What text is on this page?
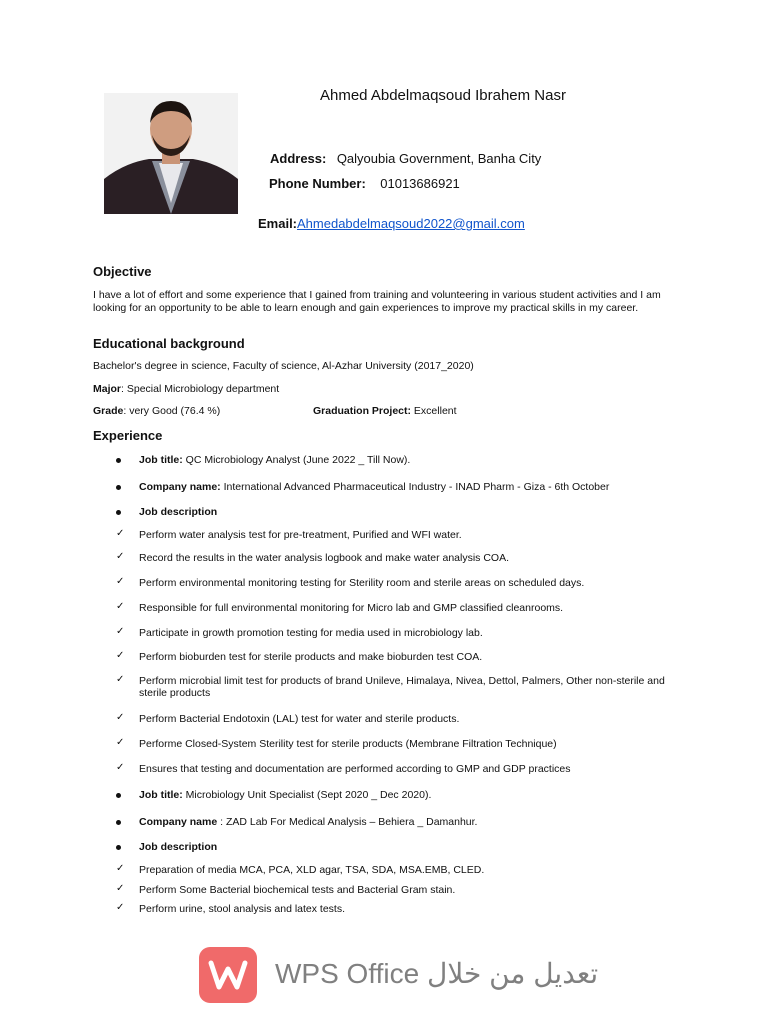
Ahmed Abdelmaqsoud Ibrahem Nasr
Address: Qalyoubia Government, Banha City
Phone Number: 01013686921
Email:Ahmedabdelmaqsoud2022@gmail.com
Objective
I have a lot of effort and some experience that I gained from training and volunteering in various student activities and I am looking for an opportunity to be able to learn enough and gain experiences to improve my practical skills in my career.
Educational background
Bachelor's degree in science, Faculty of science, Al-Azhar University (2017_2020)
Major: Special Microbiology department
Grade: very Good (76.4 %)	Graduation Project: Excellent
Experience
Job title: QC Microbiology Analyst (June 2022 _ Till Now).
Company name: International Advanced Pharmaceutical Industry - INAD Pharm - Giza - 6th October
Job description
✓ Perform water analysis test for pre-treatment, Purified and WFI water.
✓ Record the results in the water analysis logbook and make water analysis COA.
✓ Perform environmental monitoring testing for Sterility room and sterile areas on scheduled days.
✓ Responsible for full environmental monitoring for Micro lab and GMP classified cleanrooms.
✓ Participate in growth promotion testing for media used in microbiology lab.
✓ Perform bioburden test for sterile products and make bioburden test COA.
✓ Perform microbial limit test for products of brand Unileve, Himalaya, Nivea, Dettol, Palmers, Other non-sterile and sterile products
✓ Perform Bacterial Endotoxin (LAL) test for water and sterile products.
✓ Performe Closed-System Sterility test for sterile products (Membrane Filtration Technique)
✓ Ensures that testing and documentation are performed according to GMP and GDP practices
Job title: Microbiology Unit Specialist (Sept 2020 _ Dec 2020).
Company name : ZAD Lab For Medical Analysis – Behiera _ Damanhur.
Job description
✓ Preparation of media MCA, PCA, XLD agar, TSA, SDA, MSA.EMB, CLED.
✓ Perform Some Bacterial biochemical tests and Bacterial Gram stain.
✓ Perform urine, stool analysis and latex tests.
WPS Office تعديل من خلال
